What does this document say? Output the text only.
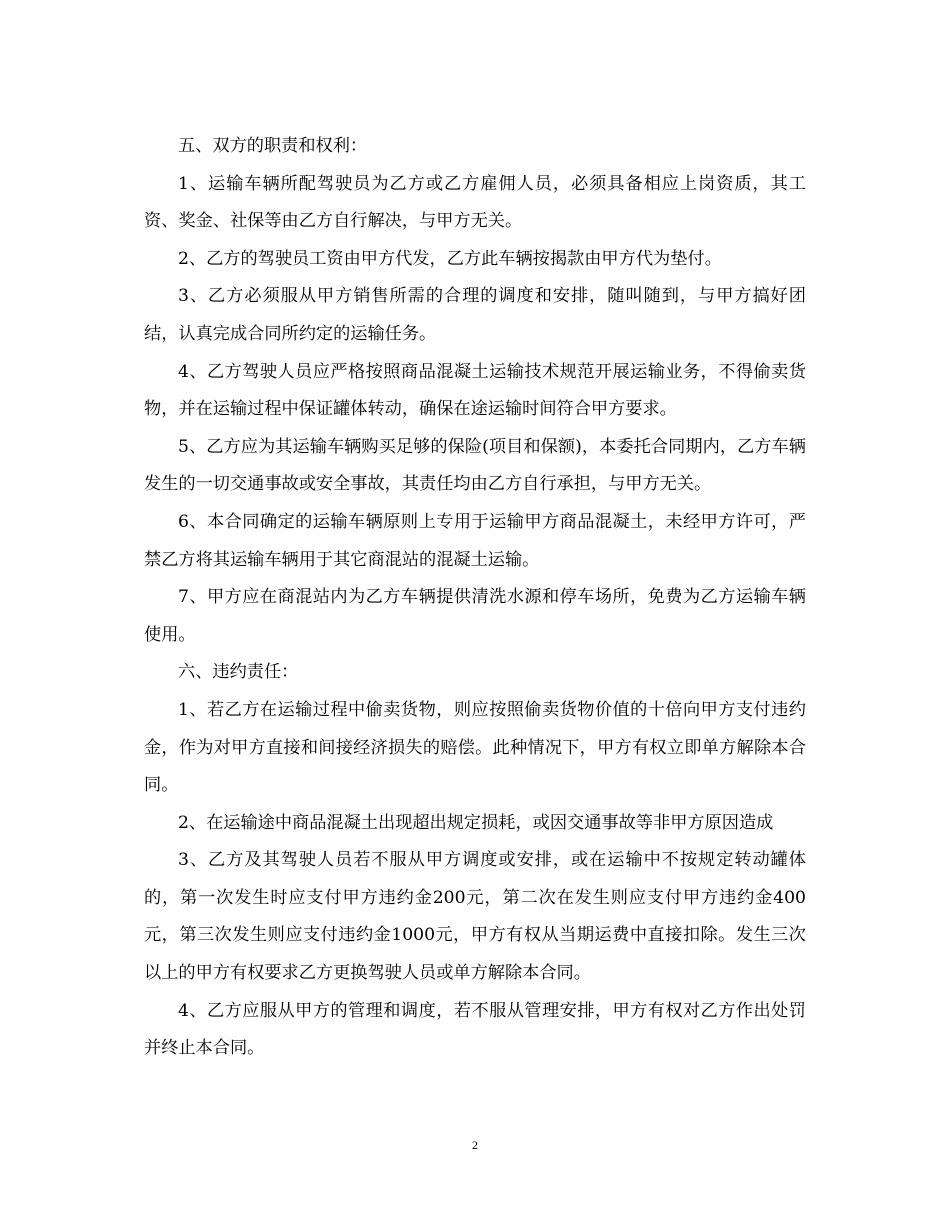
五、双方的职责和权利：

1、运输车辆所配驾驶员为乙方或乙方雇佣人员，必须具备相应上岗资质，其工资、奖金、社保等由乙方自行解决，与甲方无关。

2、乙方的驾驶员工资由甲方代发，乙方此车辆按揭款由甲方代为垫付。

3、乙方必须服从甲方销售所需的合理的调度和安排，随叫随到，与甲方搞好团结，认真完成合同所约定的运输任务。

4、乙方驾驶人员应严格按照商品混凝土运输技术规范开展运输业务，不得偷卖货物，并在运输过程中保证罐体转动，确保在途运输时间符合甲方要求。

5、乙方应为其运输车辆购买足够的保险(项目和保额)，本委托合同期内，乙方车辆发生的一切交通事故或安全事故，其责任均由乙方自行承担，与甲方无关。

6、本合同确定的运输车辆原则上专用于运输甲方商品混凝土，未经甲方许可，严禁乙方将其运输车辆用于其它商混站的混凝土运输。

7、甲方应在商混站内为乙方车辆提供清洗水源和停车场所，免费为乙方运输车辆使用。

六、违约责任：

1、若乙方在运输过程中偷卖货物，则应按照偷卖货物价值的十倍向甲方支付违约金，作为对甲方直接和间接经济损失的赔偿。此种情况下，甲方有权立即单方解除本合同。

2、在运输途中商品混凝土出现超出规定损耗，或因交通事故等非甲方原因造成

3、乙方及其驾驶人员若不服从甲方调度或安排，或在运输中不按规定转动罐体的，第一次发生时应支付甲方违约金200元，第二次在发生则应支付甲方违约金400元，第三次发生则应支付违约金1000元，甲方有权从当期运费中直接扣除。发生三次以上的甲方有权要求乙方更换驾驶人员或单方解除本合同。

4、乙方应服从甲方的管理和调度，若不服从管理安排，甲方有权对乙方作出处罚并终止本合同。

2
